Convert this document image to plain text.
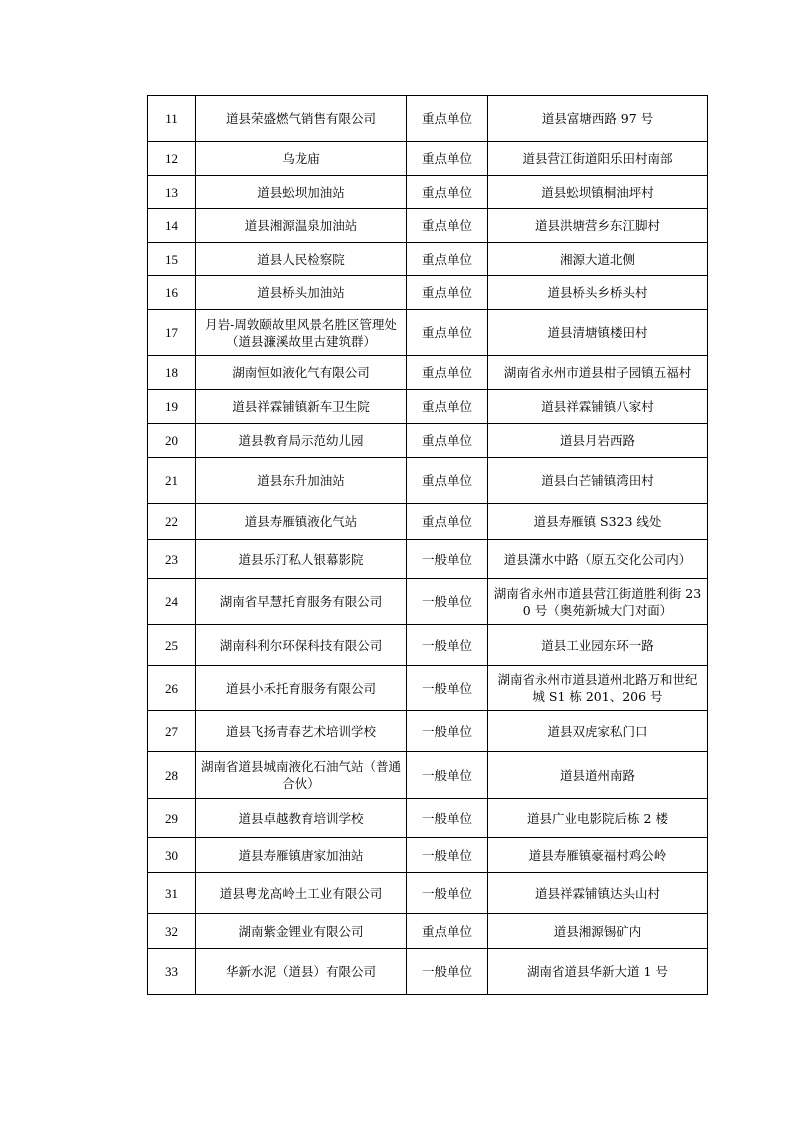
11	道县荣盛燃气销售有限公司	重点单位	道县富塘西路 97 号
12	乌龙庙	重点单位	道县营江街道阳乐田村南部
13	道县蚣坝加油站	重点单位	道县蚣坝镇桐油坪村
14	道县湘源温泉加油站	重点单位	道县洪塘营乡东江脚村
15	道县人民检察院	重点单位	湘源大道北侧
16	道县桥头加油站	重点单位	道县桥头乡桥头村
17	月岩-周敦颐故里风景名胜区管理处（道县濂溪故里古建筑群）	重点单位	道县清塘镇楼田村
18	湖南恒如液化气有限公司	重点单位	湖南省永州市道县柑子园镇五福村
19	道县祥霖铺镇新车卫生院	重点单位	道县祥霖铺镇八家村
20	道县教育局示范幼儿园	重点单位	道县月岩西路
21	道县东升加油站	重点单位	道县白芒铺镇湾田村
22	道县寿雁镇液化气站	重点单位	道县寿雁镇 S323 线处
23	道县乐汀私人银幕影院	一般单位	道县潇水中路（原五交化公司内）
24	湖南省早慧托育服务有限公司	一般单位	湖南省永州市道县营江街道胜利街 230 号（奥苑新城大门对面）
25	湖南科利尔环保科技有限公司	一般单位	道县工业园东环一路
26	道县小禾托育服务有限公司	一般单位	湖南省永州市道县道州北路万和世纪城 S1 栋 201、206 号
27	道县飞扬青春艺术培训学校	一般单位	道县双虎家私门口
28	湖南省道县城南液化石油气站（普通合伙）	一般单位	道县道州南路
29	道县卓越教育培训学校	一般单位	道县广业电影院后栋 2 楼
30	道县寿雁镇唐家加油站	一般单位	道县寿雁镇豪福村鸡公岭
31	道县粤龙高岭土工业有限公司	一般单位	道县祥霖铺镇达头山村
32	湖南紫金锂业有限公司	重点单位	道县湘源锡矿内
33	华新水泥（道县）有限公司	一般单位	湖南省道县华新大道 1 号
